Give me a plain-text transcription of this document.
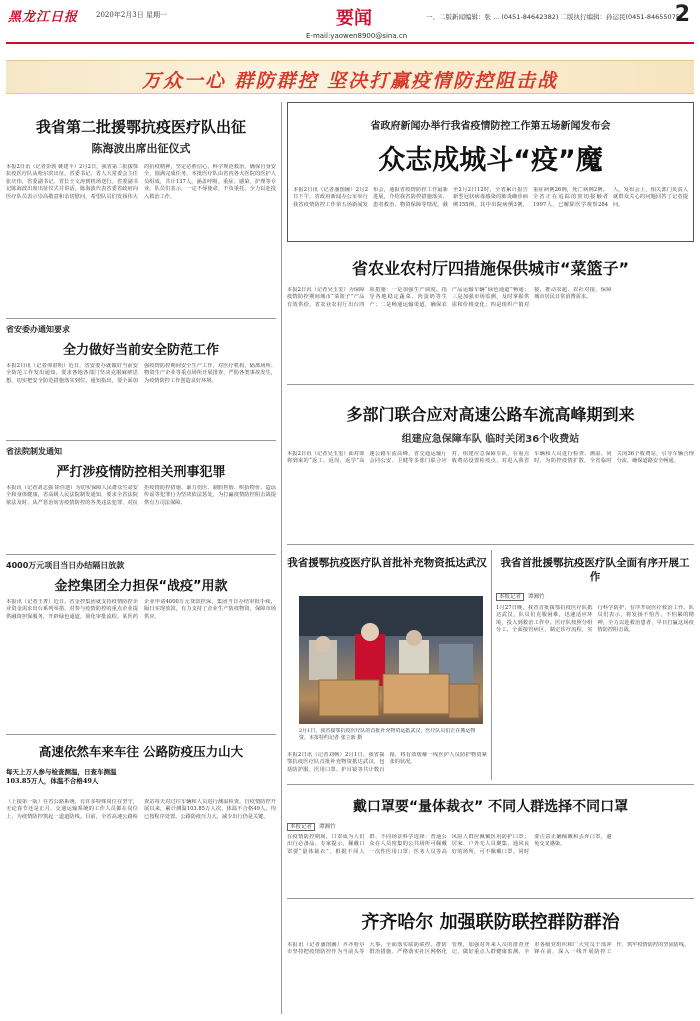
黑龙江日报	2020年2月3日 星期一	要闻
E-mail:yaowen8900@sina.cn
一、二版新闻编辑：张 ... (0451-84642382) 二版执行编辑：孙运民(0451-84655075)
2
万众一心 群防群控 坚决打赢疫情防控阻击战
我省第二批援鄂抗疫医疗队出征
陈海波出席出征仪式
本报2日讯（记者彭勃 姚建平）2月2日，我省第二批援鄂抗疫医疗队从哈尔滨出征。省委书记、省人大常委会主任张庆伟，省委副书记、省长王文涛到机场送行。省委副书记陈海波出席出征仪式并讲话。陈海波代表省委省政府向医疗队员表示崇高敬意和亲切慰问，希望队员们发扬伟大的抗疫精神，坚定必胜信心，科学规范救治，确保自身安全，圆满完成任务。本批医疗队由省内各大医院的医护人员组成，共计137人，涵盖呼吸、重症、感染、护理等专业。队员们表示，一定不辱使命，不负重托，全力以赴投入救治工作。
省安委办通知要求
全力做好当前安全防范工作
本报2日讯（记者谭湛明）近日，省安委办就做好当前安全防范工作发出通知，要求各地各部门坚决克服麻痹思想，切实把安全防范措施落实到位。通知指出，要全面加强疫情防控期间安全生产工作，对医疗机构、隔离场所、物资生产企业等重点场所开展排查，严防各类事故发生，为疫情防控工作创造良好环境。
省法院制发通知
严打涉疫情防控相关刑事犯罪
本报讯（记者刘志强 徐佳迪）为切实保障人民群众生命安全和身体健康，省高级人民法院制发通知，要求全省法院依法及时、从严惩治妨害疫情防控的各类违法犯罪，对抗拒疫情防控措施、暴力伤医、制假售假、哄抬物价、造谣传谣等犯罪行为坚决依法惩处，为打赢疫情防控阻击战提供有力司法保障。
4000万元项目当日办结隔日放款
金控集团全力担保“战疫”用款
本报讯（记者王菁）近日，省金控集团就支持疫情防控企业资金需求出台系列举措，对参与疫情防控的重点企业提供融资担保服务，开辟绿色通道，简化审批流程。某医药企业申请4000万元贷款担保，集团当日办结审批手续，隔日实现放款，有力支持了企业生产防疫物资，保障市场供应。
高速依然车来车往 公路防疫压力山大
每天上万人参与检查测温，日查车测温103.85万人，体温不合格49人
（上接第一版）在省公路系统，有许多特殊岗位在坚守，无论春节还是正月，交通运输系统的工作人员都在岗位上，为疫情防控筑起一道道防线。目前，全省高速公路检查站每天对过往车辆和人员进行测温检查。自疫情防控开展以来，累计测温103.85万人次，体温不合格49人，均已按程序处置。公路防疫压力大，减少出行仍是关键。
省政府新闻办举行我省疫情防控工作第五场新闻发布会
众志成城斗“疫”魔
本报2日讯（记者潘图圖）2月2日下午，省政府新闻办公室举行我省疫情防控工作第五场新闻发布会，通报省疫情防控工作最新进展，介绍我省防控措施落实、患者救治、物资保障等情况。截至2月2日12时，全省累计报告新型冠状病毒感染的肺炎确诊病例155例，其中出院病例3例，重症病例26例，死亡病例2例。全省正在追踪的密切接触者1997人，已解除医学观察284人。发布会上，相关部门负责人就群众关心的问题回答了记者提问。
省农业农村厅四措施保供城市“菜篮子”
本报2日讯（记者吴玉玺）为保障疫情防控期间城市“菜篮子”产品有效供给，省农业农村厅出台四项措施：一是加强生产调度，指导各地稳定蔬菜、肉蛋奶等生产；二是畅通运输渠道，确保农产品运输车辆“绿色通道”畅通；三是加强市场监测，及时掌握供需和价格变化；四是组织产销对接，推动农超、农社对接，保障城市居民日常消费需求。
多部门联合应对高速公路车流高峰期到来
组建应急保障车队 临时关闭36个收费站
本报2日讯（记者吴玉玺）面对即将到来的“返工、返岗、返学”高速公路车流高峰，省交通运输厅会同公安、卫健等多部门联合应对，组建应急保障车队，在重点收费站设置检疫点，对进入我省车辆和人员进行检查、测温。同时，为防控疫情扩散，全省临时关闭36个收费站，引导车辆合理分流，确保道路安全畅通。
我省援鄂抗疫医疗队首批补充物资抵达武汉
2月1日，我省援鄂抗疫医疗队的首批补充物资运抵武汉，医疗队员们正在搬运物资。本报特约记者 张立新 摄
本报2日讯（记者刘畅）2月1日，我省援鄂抗疫医疗队首批补充物资抵达武汉，包括防护服、医用口罩、护目镜等共计数百箱，将有效缓解一线医护人员防护物资紧张的状况。
我省首批援鄂抗疫医疗队全面有序开展工作
本报记者 谭湘竹
1月27日晚，我省首批援鄂抗疫医疗队抵达武汉，队员们克服困难，迅速适应环境，投入到救治工作中。医疗队按照分组分工，全面接管病区，制定诊疗流程，实行科学防护，有序开展医疗救治工作。队员们表示，将发扬不怕苦、不怕累的精神，全力以赴救治患者，早日打赢这场疫情防控阻击战。
戴口罩要“量体裁衣” 不同人群选择不同口罩
本报记者 谭湘竹
在疫情防控期间，口罩成为人们出行必备品。专家提示，佩戴口罩要“量体裁衣”，根据不同人群、不同场景科学选择：普通公众在人员密集的公共场所可佩戴一次性医用口罩；医务人员等高风险人群应佩戴医用防护口罩；居家、户外无人员聚集、通风良好的场所，可不佩戴口罩。同时要注意正确佩戴和丢弃口罩，避免交叉感染。
齐齐哈尔 加强联防联控群防群治
本报讯（记者潘图圖）齐齐哈尔市坚持把疫情防控作为当前头等大事，全面落实联防联控、群防群治措施。严格落实社区网格化管理，加强对外来人员的排查登记，做好重点人群健康监测。全市各级党组织和广大党员干部冲锋在前，深入一线开展防控工作，筑牢疫情防控的坚固防线。
